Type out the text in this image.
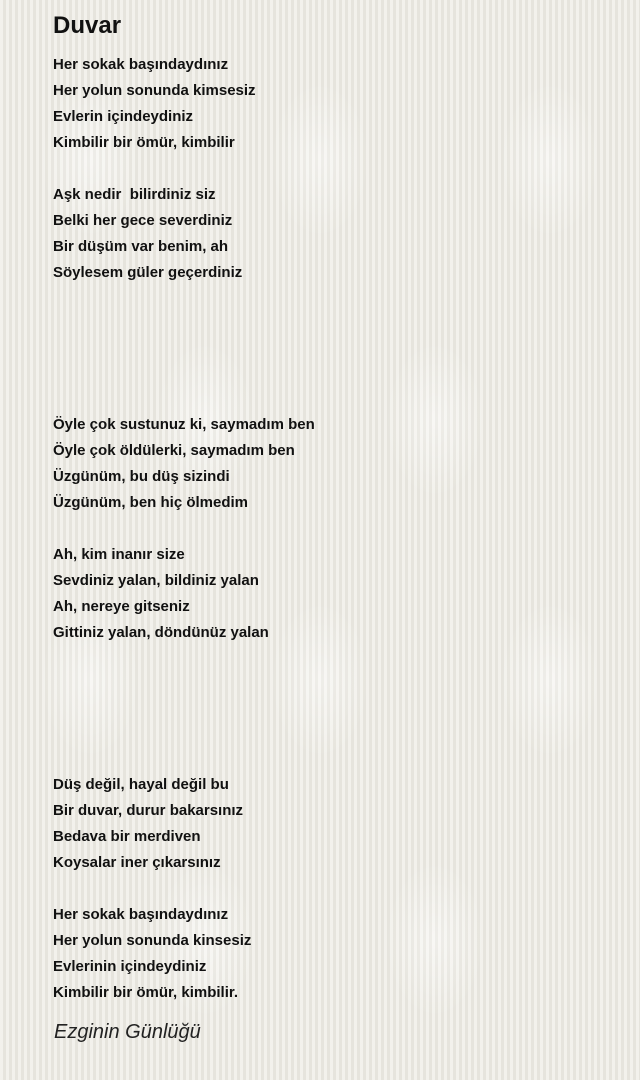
Duvar
Her sokak başındaydınız
Her yolun sonunda kimsesiz
Evlerin içindeydiniz
Kimbilir bir ömür, kimbilir
Aşk nedir  bilirdiniz siz
Belki her gece severdiniz
Bir düşüm var benim, ah
Söylesem güler geçerdiniz
Öyle çok sustunuz ki, saymadım ben
Öyle çok öldülerki, saymadım ben
Üzgünüm, bu düş sizindi
Üzgünüm, ben hiç ölmedim
Ah, kim inanır size
Sevdiniz yalan, bildiniz yalan
Ah, nereye gitseniz
Gittiniz yalan, döndünüz yalan
Düş değil, hayal değil bu
Bir duvar, durur bakarsınız
Bedava bir merdiven
Koysalar iner çıkarsınız
Her sokak başındaydınız
Her yolun sonunda kinsesiz
Evlerinin içindeydiniz
Kimbilir bir ömür, kimbilir.

Ezginin Günlüğü
